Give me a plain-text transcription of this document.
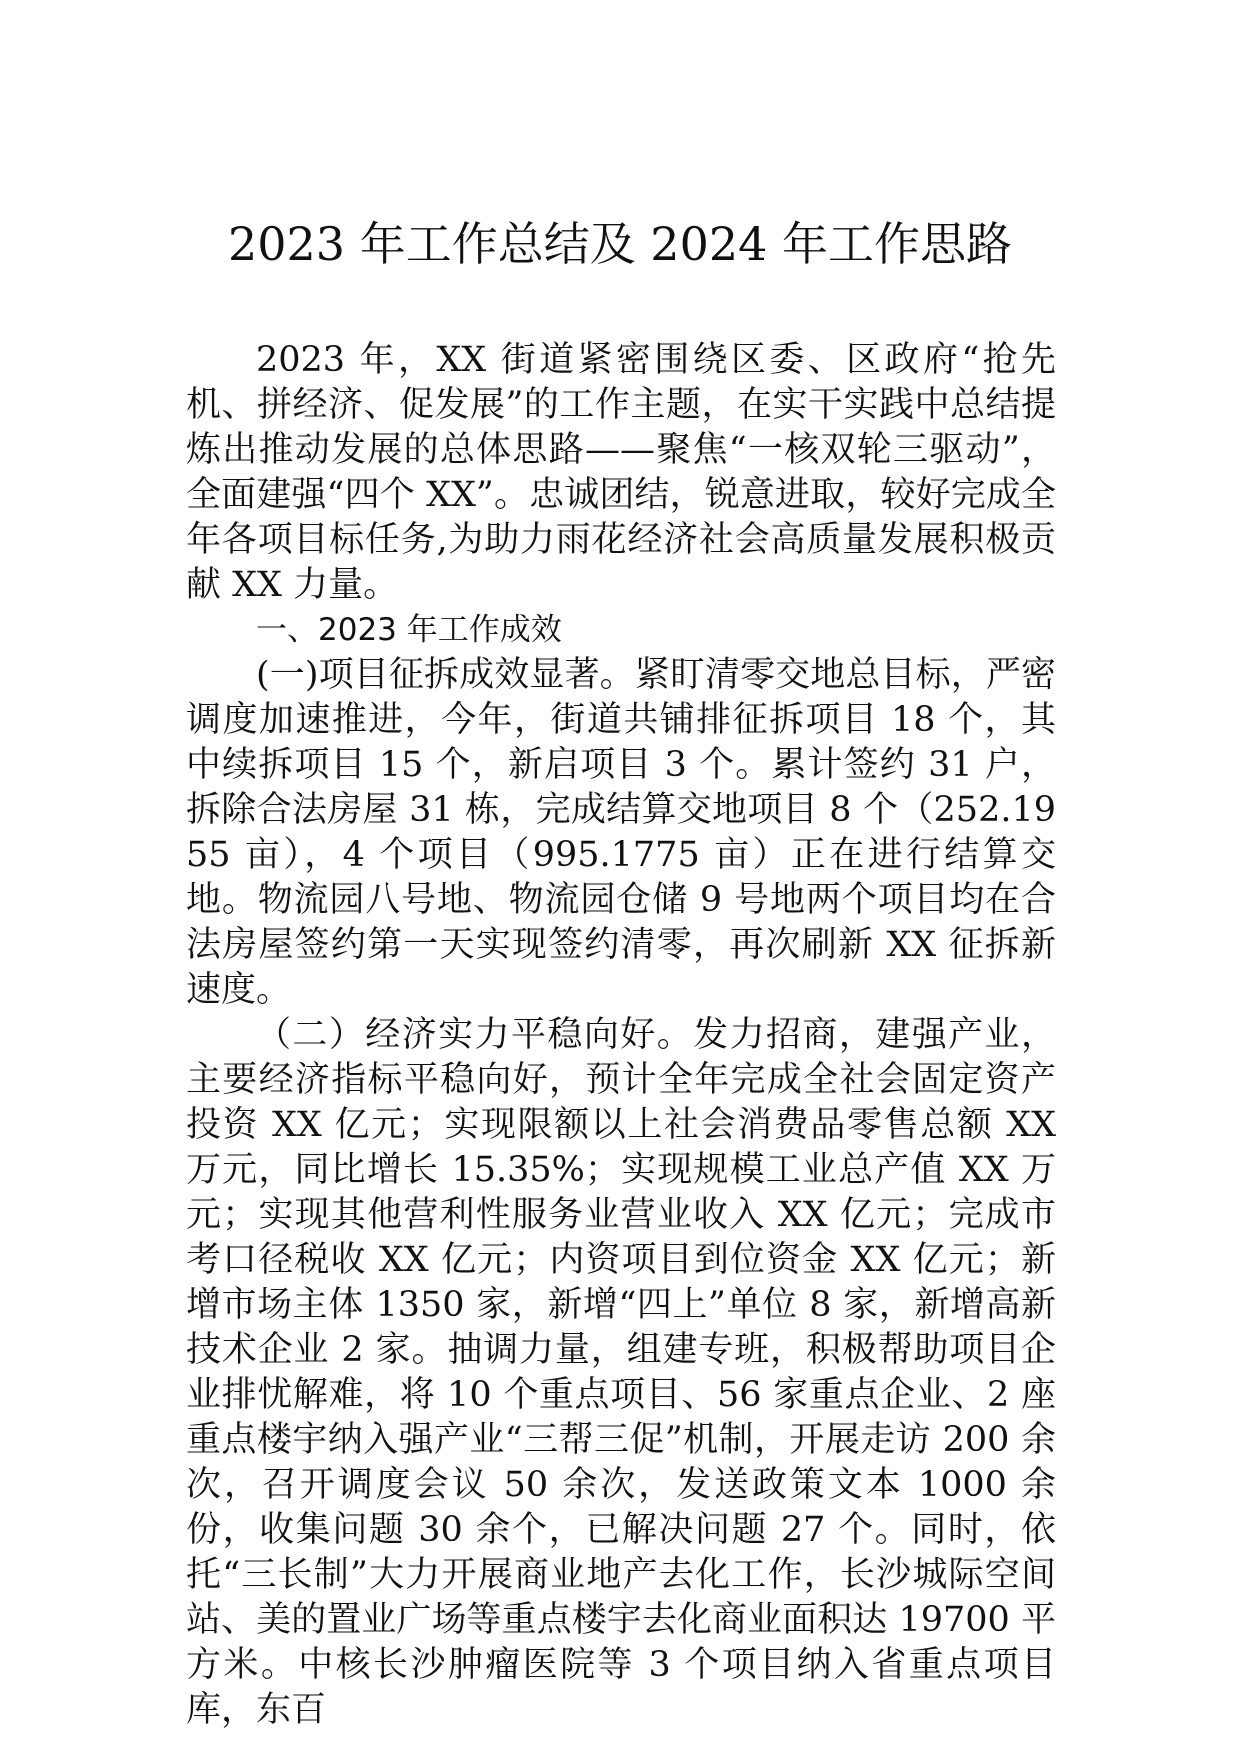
2023 年工作总结及 2024 年工作思路

2023 年，XX 街道紧密围绕区委、区政府“抢先机、拼经济、促发展”的工作主题，在实干实践中总结提炼出推动发展的总体思路——聚焦“一核双轮三驱动”，全面建强“四个 XX”。忠诚团结，锐意进取，较好完成全年各项目标任务,为助力雨花经济社会高质量发展积极贡献 XX 力量。

一、2023 年工作成效

(一)项目征拆成效显著。紧盯清零交地总目标，严密调度加速推进，今年，街道共铺排征拆项目 18 个，其中续拆项目 15 个，新启项目 3 个。累计签约 31 户，拆除合法房屋 31 栋，完成结算交地项目 8 个（252.1955 亩），4 个项目（995.1775 亩）正在进行结算交地。物流园八号地、物流园仓储 9 号地两个项目均在合法房屋签约第一天实现签约清零，再次刷新 XX 征拆新速度。

（二）经济实力平稳向好。发力招商，建强产业，主要经济指标平稳向好，预计全年完成全社会固定资产投资 XX 亿元；实现限额以上社会消费品零售总额 XX 万元，同比增长 15.35%；实现规模工业总产值 XX 万元；实现其他营利性服务业营业收入 XX 亿元；完成市考口径税收 XX 亿元；内资项目到位资金 XX 亿元；新增市场主体 1350 家，新增“四上”单位 8 家，新增高新技术企业 2 家。抽调力量，组建专班，积极帮助项目企业排忧解难，将 10 个重点项目、56 家重点企业、2 座重点楼宇纳入强产业“三帮三促”机制，开展走访 200 余次，召开调度会议 50 余次，发送政策文本 1000 余份，收集问题 30 余个，已解决问题 27 个。同时，依托“三长制”大力开展商业地产去化工作，长沙城际空间站、美的置业广场等重点楼宇去化商业面积达 19700 平方米。中核长沙肿瘤医院等 3 个项目纳入省重点项目库，东百
